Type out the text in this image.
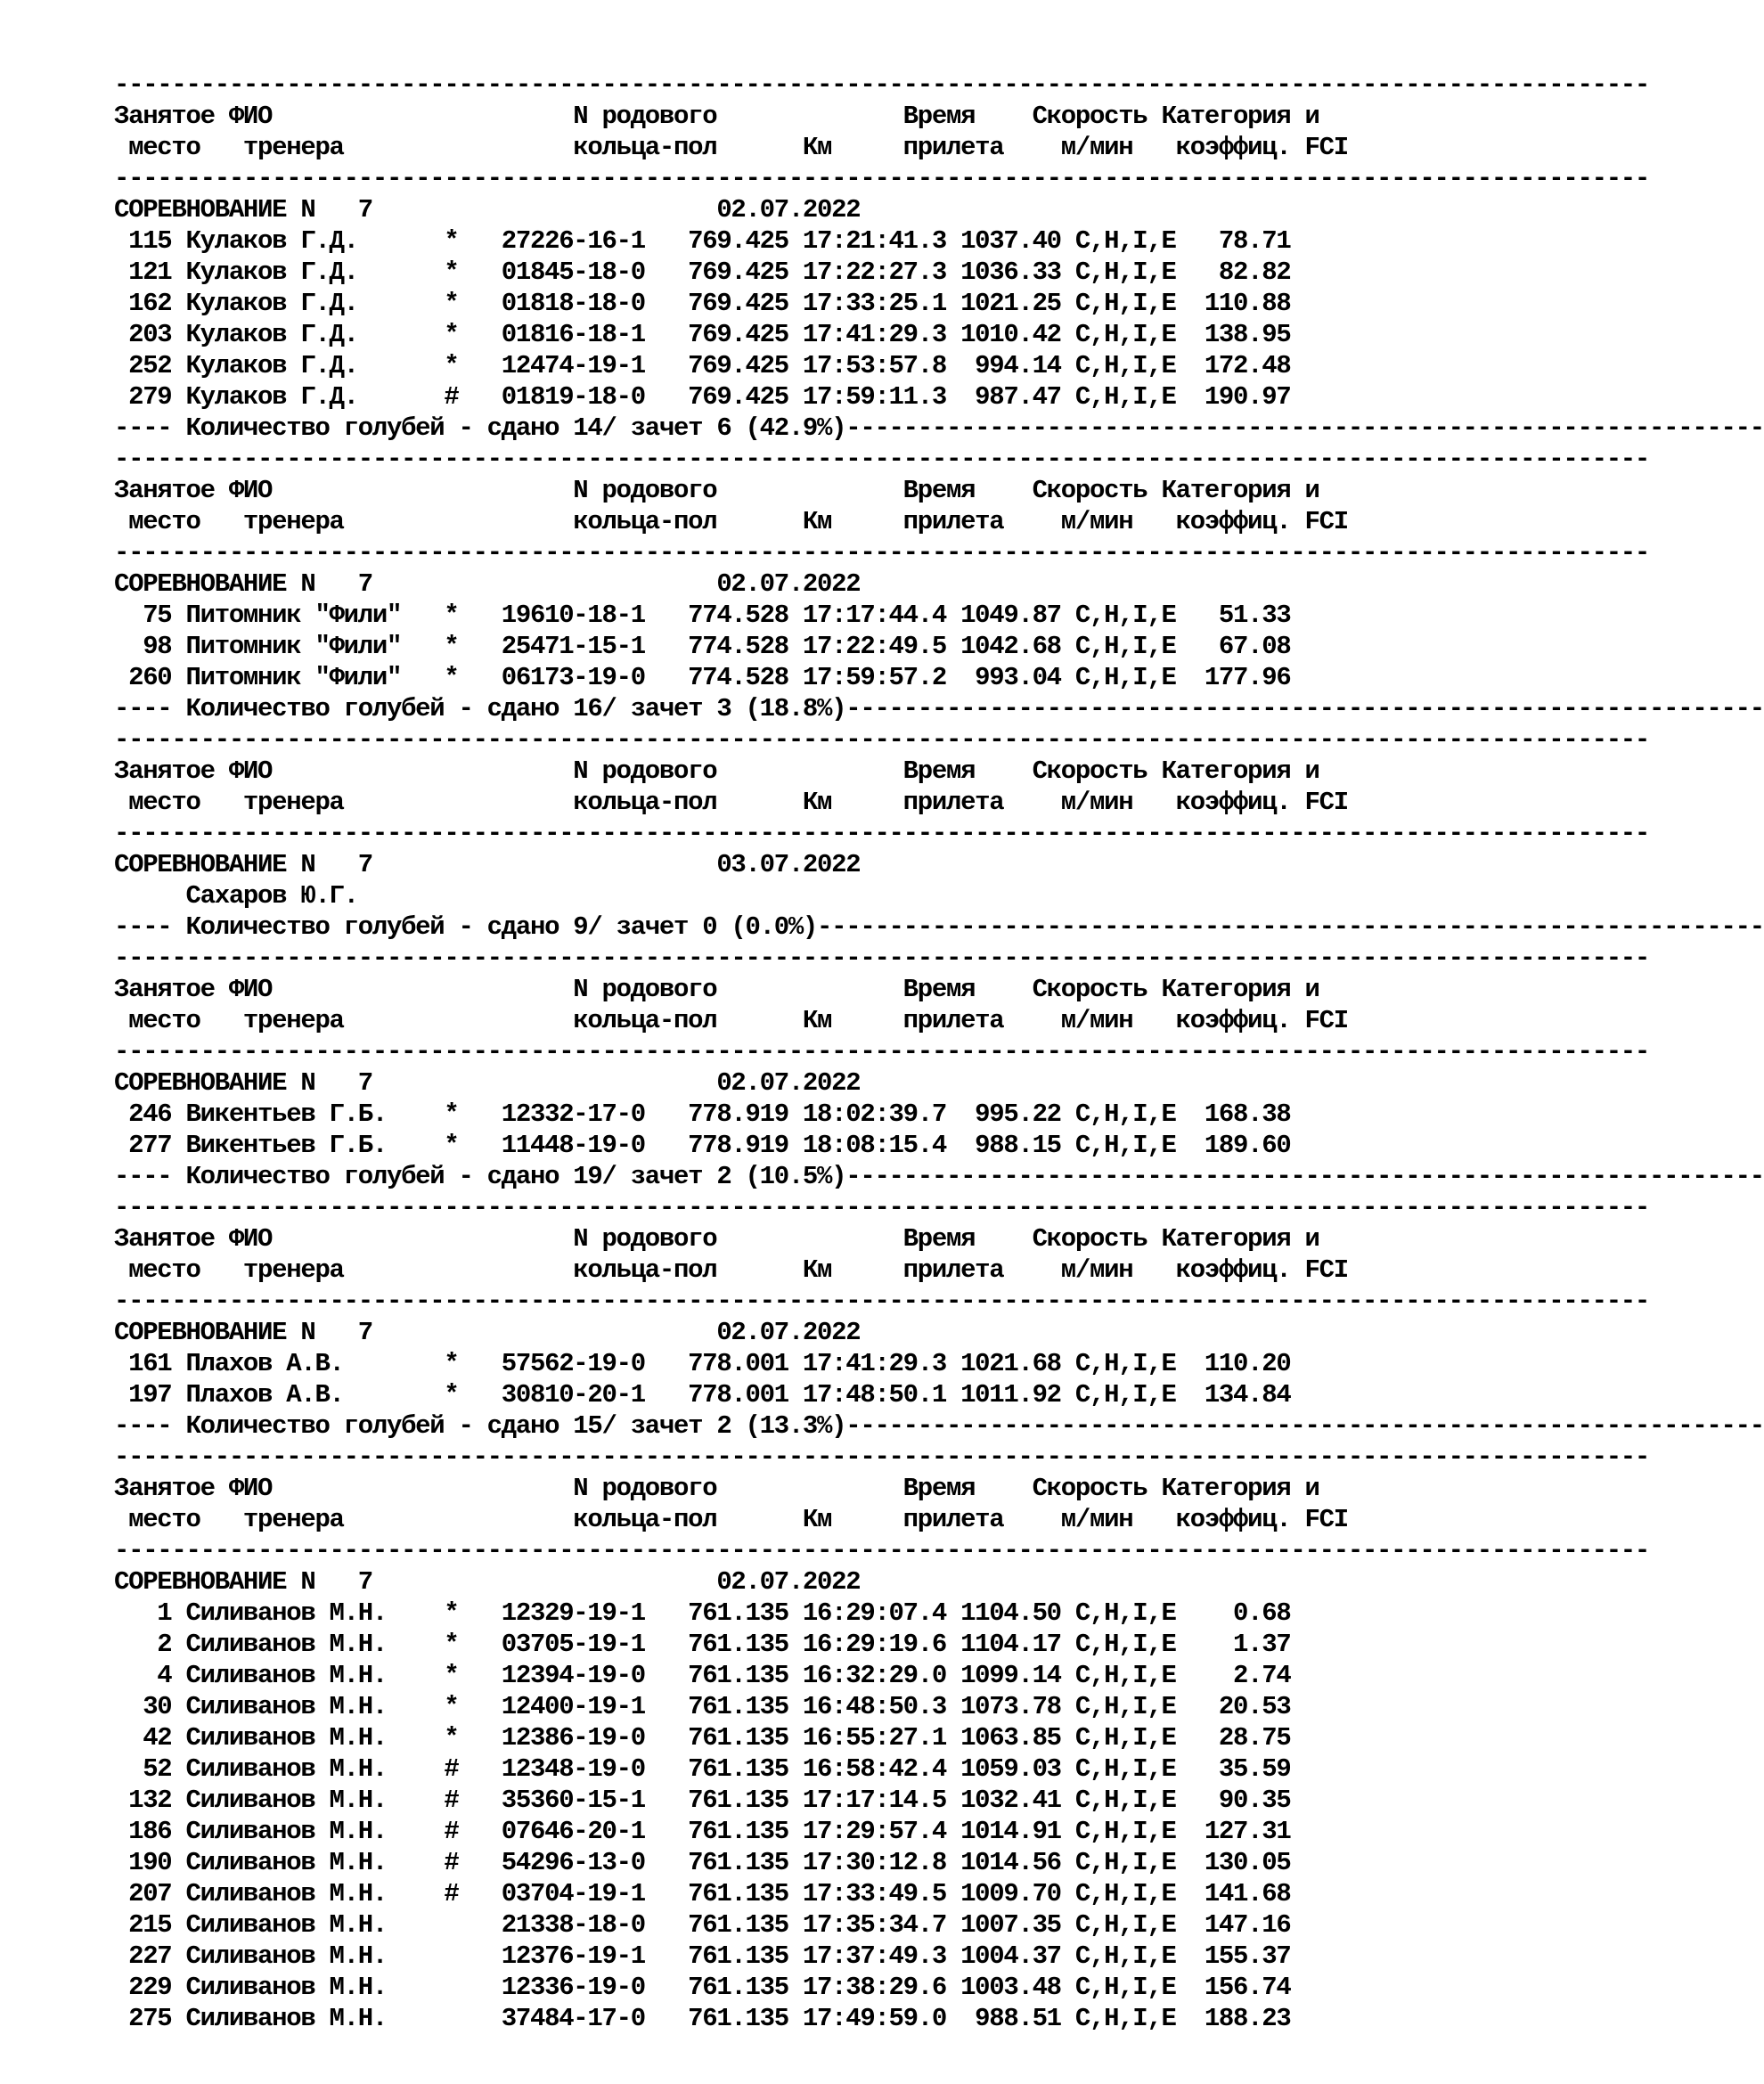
-----------------------------------------------------------------------------------------------------------
Занятое ФИО                     N родового             Время    Скорость Категория и
место   тренера                кольца-пол      Км     прилета    м/мин   коэффиц. FCI
-----------------------------------------------------------------------------------------------------------
СОРЕВНОВАНИЕ N   7                        02.07.2022
115 Кулаков Г.Д.      *   27226-16-1   769.425 17:21:41.3 1037.40 C,H,I,E   78.71
121 Кулаков Г.Д.      *   01845-18-0   769.425 17:22:27.3 1036.33 C,H,I,E   82.82
162 Кулаков Г.Д.      *   01818-18-0   769.425 17:33:25.1 1021.25 C,H,I,E  110.88
203 Кулаков Г.Д.      *   01816-18-1   769.425 17:41:29.3 1010.42 C,H,I,E  138.95
252 Кулаков Г.Д.      *   12474-19-1   769.425 17:53:57.8  994.14 C,H,I,E  172.48
279 Кулаков Г.Д.      #   01819-18-0   769.425 17:59:11.3  987.47 C,H,I,E  190.97
---- Количество голубей - сдано 14/ зачет 6 (42.9%)----------------------------------------------------------------
-----------------------------------------------------------------------------------------------------------
Занятое ФИО                     N родового             Время    Скорость Категория и
место   тренера                кольца-пол      Км     прилета    м/мин   коэффиц. FCI
-----------------------------------------------------------------------------------------------------------
СОРЕВНОВАНИЕ N   7                        02.07.2022
75 Питомник "Фили"   *   19610-18-1   774.528 17:17:44.4 1049.87 C,H,I,E   51.33
98 Питомник "Фили"   *   25471-15-1   774.528 17:22:49.5 1042.68 C,H,I,E   67.08
260 Питомник "Фили"   *   06173-19-0   774.528 17:59:57.2  993.04 C,H,I,E  177.96
---- Количество голубей - сдано 16/ зачет 3 (18.8%)----------------------------------------------------------------
-----------------------------------------------------------------------------------------------------------
Занятое ФИО                     N родового             Время    Скорость Категория и
место   тренера                кольца-пол      Км     прилета    м/мин   коэффиц. FCI
-----------------------------------------------------------------------------------------------------------
СОРЕВНОВАНИЕ N   7                        03.07.2022
Сахаров Ю.Г.
---- Количество голубей - сдано 9/ зачет 0 (0.0%)------------------------------------------------------------------
-----------------------------------------------------------------------------------------------------------
Занятое ФИО                     N родового             Время    Скорость Категория и
место   тренера                кольца-пол      Км     прилета    м/мин   коэффиц. FCI
-----------------------------------------------------------------------------------------------------------
СОРЕВНОВАНИЕ N   7                        02.07.2022
246 Викентьев Г.Б.    *   12332-17-0   778.919 18:02:39.7  995.22 C,H,I,E  168.38
277 Викентьев Г.Б.    *   11448-19-0   778.919 18:08:15.4  988.15 C,H,I,E  189.60
---- Количество голубей - сдано 19/ зачет 2 (10.5%)----------------------------------------------------------------
-----------------------------------------------------------------------------------------------------------
Занятое ФИО                     N родового             Время    Скорость Категория и
место   тренера                кольца-пол      Км     прилета    м/мин   коэффиц. FCI
-----------------------------------------------------------------------------------------------------------
СОРЕВНОВАНИЕ N   7                        02.07.2022
161 Плахов А.В.       *   57562-19-0   778.001 17:41:29.3 1021.68 C,H,I,E  110.20
197 Плахов А.В.       *   30810-20-1   778.001 17:48:50.1 1011.92 C,H,I,E  134.84
---- Количество голубей - сдано 15/ зачет 2 (13.3%)----------------------------------------------------------------
-----------------------------------------------------------------------------------------------------------
Занятое ФИО                     N родового             Время    Скорость Категория и
место   тренера                кольца-пол      Км     прилета    м/мин   коэффиц. FCI
-----------------------------------------------------------------------------------------------------------
СОРЕВНОВАНИЕ N   7                        02.07.2022
1 Силиванов М.Н.    *   12329-19-1   761.135 16:29:07.4 1104.50 C,H,I,E    0.68
2 Силиванов М.Н.    *   03705-19-1   761.135 16:29:19.6 1104.17 C,H,I,E    1.37
4 Силиванов М.Н.    *   12394-19-0   761.135 16:32:29.0 1099.14 C,H,I,E    2.74
30 Силиванов М.Н.    *   12400-19-1   761.135 16:48:50.3 1073.78 C,H,I,E   20.53
42 Силиванов М.Н.    *   12386-19-0   761.135 16:55:27.1 1063.85 C,H,I,E   28.75
52 Силиванов М.Н.    #   12348-19-0   761.135 16:58:42.4 1059.03 C,H,I,E   35.59
132 Силиванов М.Н.    #   35360-15-1   761.135 17:17:14.5 1032.41 C,H,I,E   90.35
186 Силиванов М.Н.    #   07646-20-1   761.135 17:29:57.4 1014.91 C,H,I,E  127.31
190 Силиванов М.Н.    #   54296-13-0   761.135 17:30:12.8 1014.56 C,H,I,E  130.05
207 Силиванов М.Н.    #   03704-19-1   761.135 17:33:49.5 1009.70 C,H,I,E  141.68
215 Силиванов М.Н.        21338-18-0   761.135 17:35:34.7 1007.35 C,H,I,E  147.16
227 Силиванов М.Н.        12376-19-1   761.135 17:37:49.3 1004.37 C,H,I,E  155.37
229 Силиванов М.Н.        12336-19-0   761.135 17:38:29.6 1003.48 C,H,I,E  156.74
275 Силиванов М.Н.        37484-17-0   761.135 17:49:59.0  988.51 C,H,I,E  188.23
